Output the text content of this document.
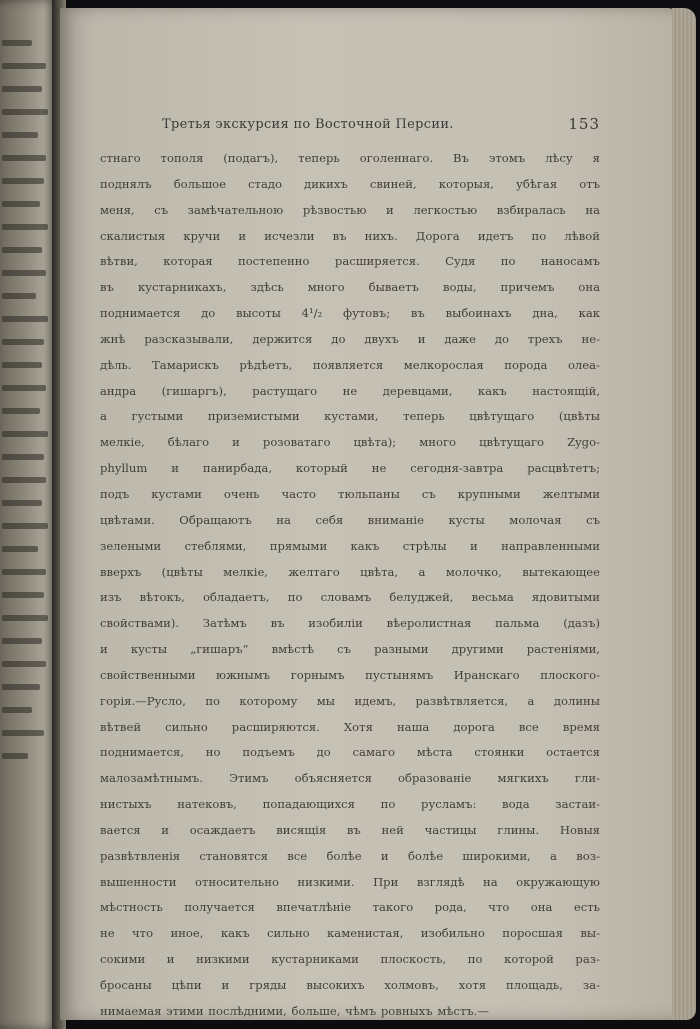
Третья экскурсия по Восточной Персии.	153
стнаго тополя (подагъ), теперь оголеннаго. Въ этомъ лѣсу я
поднялъ большое стадо дикихъ свиней, которыя, убѣгая отъ
меня, съ замѣчательною рѣзвостью и легкостью взбиралась на
скалистыя кручи и исчезли въ нихъ. Дорога идетъ по лѣвой
вѣтви, которая постепенно расширяется. Судя по наносамъ
въ кустарникахъ, здѣсь много бываетъ воды, причемъ она
поднимается до высоты 4¹/₂ футовъ; въ выбоинахъ дна, как
жнѣ разсказывали, держится до двухъ и даже до трехъ не-
дѣль. Тамарискъ рѣдѣетъ, появляется мелкорослая порода олеа-
андра (гишаргъ), растущаго не деревцами, какъ настоящій,
а густыми приземистыми кустами, теперь цвѣтущаго (цвѣты
мелкіе, бѣлаго и розоватаго цвѣта); много цвѣтущаго Zygo-
phyllum и панирбада, который не сегодня-завтра расцвѣтетъ;
подъ кустами очень часто тюльпаны съ крупными желтыми
цвѣтами. Обращаютъ на себя вниманіе кусты молочая съ
зелеными стеблями, прямыми какъ стрѣлы и направленными
вверхъ (цвѣты мелкіе, желтаго цвѣта, а молочко, вытекающее
изъ вѣтокъ, обладаетъ, по словамъ белуджей, весьма ядовитыми
свойствами). Затѣмъ въ изобиліи вѣеролистная пальма (дазъ)
и кусты „гишаръ“ вмѣстѣ съ разными другими растеніями,
свойственными южнымъ горнымъ пустынямъ Иранскаго плоского-
горія.—Русло, по которому мы идемъ, развѣтвляется, а долины
вѣтвей сильно расширяются. Хотя наша дорога все время
поднимается, но подъемъ до самаго мѣста стоянки остается
малозамѣтнымъ. Этимъ объясняется образованіе мягкихъ гли-
нистыхъ натековъ, попадающихся по русламъ: вода застаи-
вается и осаждаетъ висящія въ ней частицы глины. Новыя
развѣтвленія становятся все болѣе и болѣе широкими, а воз-
вышенности относительно низкими. При взглядѣ на окружающую
мѣстность получается впечатлѣніе такого рода, что она есть
не что иное, какъ сильно каменистая, изобильно поросшая вы-
сокими и низкими кустарниками плоскость, по которой раз-
бросаны цѣпи и гряды высокихъ холмовъ, хотя площадь, за-
нимаемая этими послѣдними, больше, чѣмъ ровныхъ мѣстъ.—
